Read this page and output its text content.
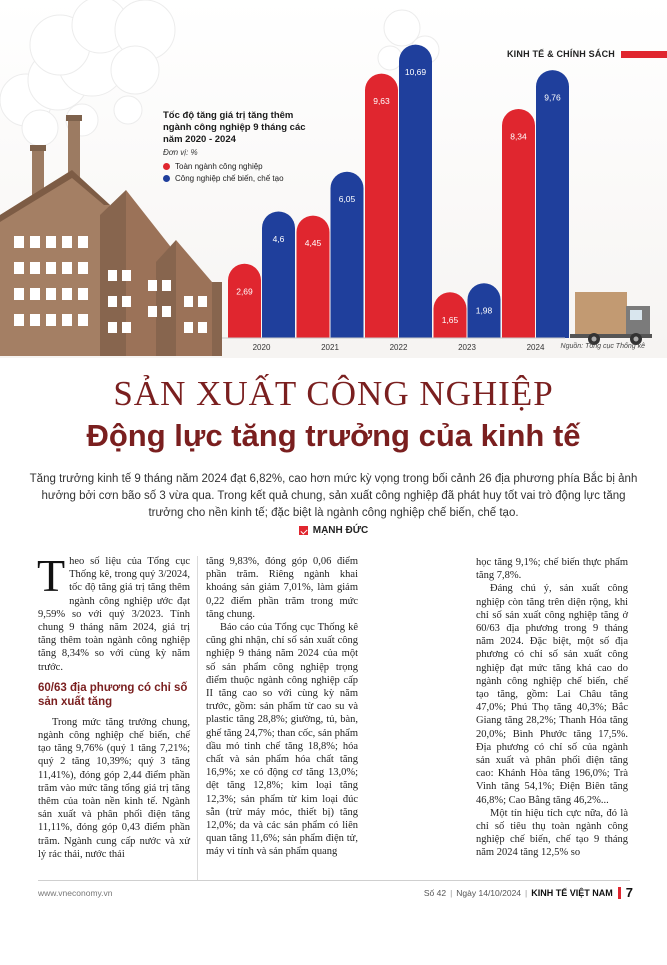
2,69
4,6
2020
4,45
6,05
2021
9,63
10,69
2022
1,65
1,98
2023
8,34
9,76
2024
KINH TẾ & CHÍNH SÁCH
Tốc độ tăng giá trị tăng thêm ngành công nghiệp 9 tháng các năm 2020 - 2024
Đơn vị: %
Toàn ngành công nghiệp
Công nghiệp chế biến, chế tạo
Nguồn: Tổng cục Thống kê
SẢN XUẤT CÔNG NGHIỆP
Động lực tăng trưởng của kinh tế
Tăng trưởng kinh tế 9 tháng năm 2024 đạt 6,82%, cao hơn mức kỳ vọng trong bối cảnh 26 địa phương phía Bắc bị ảnh hưởng bởi cơn bão số 3 vừa qua. Trong kết quả chung, sản xuất công nghiệp đã phát huy tốt vai trò động lực tăng trưởng cho nền kinh tế; đặc biệt là ngành công nghiệp chế biến, chế tạo.
MẠNH ĐỨC

Theo số liệu của Tổng cục Thống kê, trong quý 3/2024, tốc độ tăng giá trị tăng thêm ngành công nghiệp ước đạt 9,59% so với quý 3/2023. Tính chung 9 tháng năm 2024, giá trị tăng thêm toàn ngành công nghiệp tăng 8,34% so với cùng kỳ năm trước.

60/63 địa phương có chỉ số sản xuất tăng

Trong mức tăng trưởng chung, ngành công nghiệp chế biến, chế tạo tăng 9,76% (quý 1 tăng 7,21%; quý 2 tăng 10,39%; quý 3 tăng 11,41%), đóng góp 2,44 điểm phần trăm vào mức tăng tổng giá trị tăng thêm của toàn nền kinh tế. Ngành sản xuất và phân phối điện tăng 11,11%, đóng góp 0,43 điểm phần trăm. Ngành cung cấp nước và xử lý rác thải, nước thải

tăng 9,83%, đóng góp 0,06 điểm phần trăm. Riêng ngành khai khoáng sản giảm 7,01%, làm giảm 0,22 điểm phần trăm trong mức tăng chung.

Báo cáo của Tổng cục Thống kê cũng ghi nhận, chỉ số sản xuất công nghiệp 9 tháng năm 2024 của một số sản phẩm công nghiệp trọng điểm thuộc ngành công nghiệp cấp II tăng cao so với cùng kỳ năm trước, gồm: sản phẩm từ cao su và plastic tăng 28,8%; giường, tủ, bàn, ghế tăng 24,7%; than cốc, sản phẩm dầu mỏ tinh chế tăng 18,8%; hóa chất và sản phẩm hóa chất tăng 16,9%; xe có động cơ tăng 13,0%; dệt tăng 12,8%; kim loại tăng 12,3%; sản phẩm từ kim loại đúc sẵn (trừ máy móc, thiết bị) tăng 12,0%; da và các sản phẩm có liên quan tăng 11,6%; sản phẩm điện tử, máy vi tính và sản phẩm quang

học tăng 9,1%; chế biến thực phẩm tăng 7,8%.

Đáng chú ý, sản xuất công nghiệp còn tăng trên diện rộng, khi chỉ số sản xuất công nghiệp tăng ở 60/63 địa phương trong 9 tháng năm 2024. Đặc biệt, một số địa phương có chỉ số sản xuất công nghiệp đạt mức tăng khá cao do ngành công nghiệp chế biến, chế tạo tăng, gồm: Lai Châu tăng 47,0%; Phú Thọ tăng 40,3%; Bắc Giang tăng 28,2%; Thanh Hóa tăng 20,0%; Bình Phước tăng 17,5%. Địa phương có chỉ số của ngành sản xuất và phân phối điện tăng cao: Khánh Hòa tăng 196,0%; Trà Vinh tăng 54,1%; Điện Biên tăng 46,8%; Cao Bằng tăng 46,2%...

Một tín hiệu tích cực nữa, đó là chỉ số tiêu thụ toàn ngành công nghiệp chế biến, chế tạo 9 tháng năm 2024 tăng 12,5% so

www.vneconomy.vn	Số 42 | Ngày 14/10/2024 | KINH TẾ VIỆT NAM 7
